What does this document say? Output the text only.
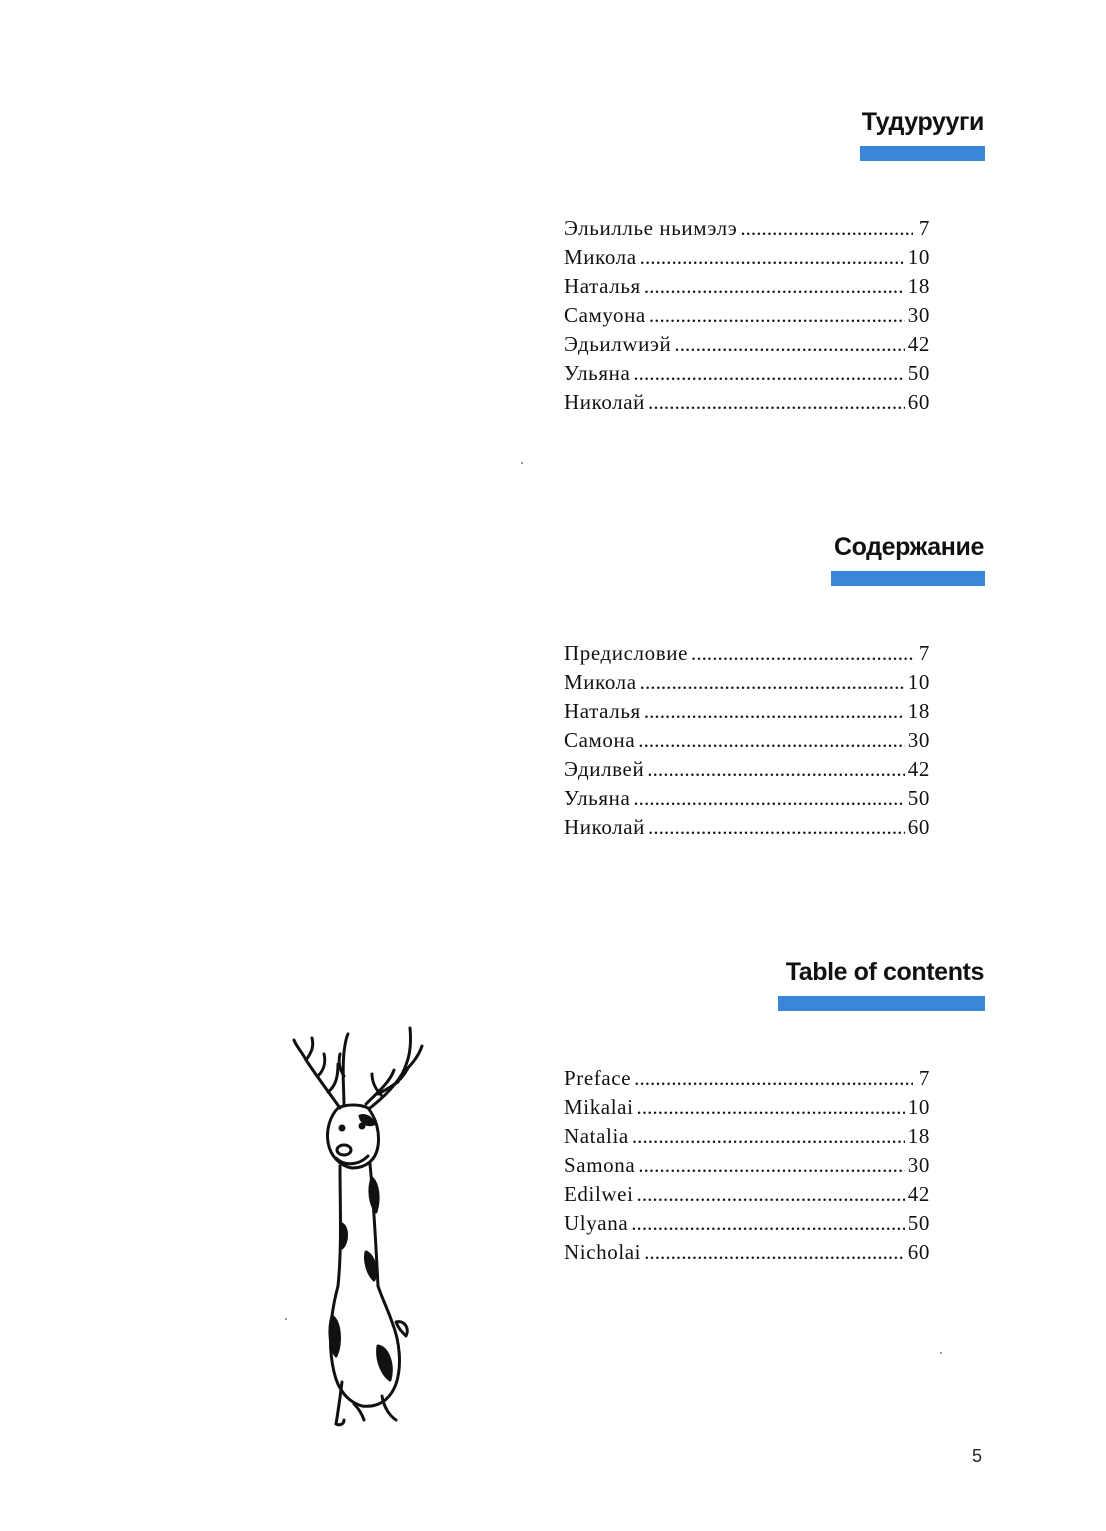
Тудурууги
Эльиллье ньимэлэ . . .	7
Микола . . .	10
Наталья . . .	18
Самуона . . .	30
Эдьилwиэй . . .	42
Ульяна . . .	50
Николай . . .	60
Содержание
Предисловие . . .	7
Микола . . .	10
Наталья . . .	18
Самона . . .	30
Эдилвей . . .	42
Ульяна . . .	50
Николай . . .	60
Table of contents
Preface . . .	7
Mikalai . . .	10
Natalia . . .	18
Samona . . .	30
Edilwei . . .	42
Ulyana . . .	50
Nicholai . . .	60
5
